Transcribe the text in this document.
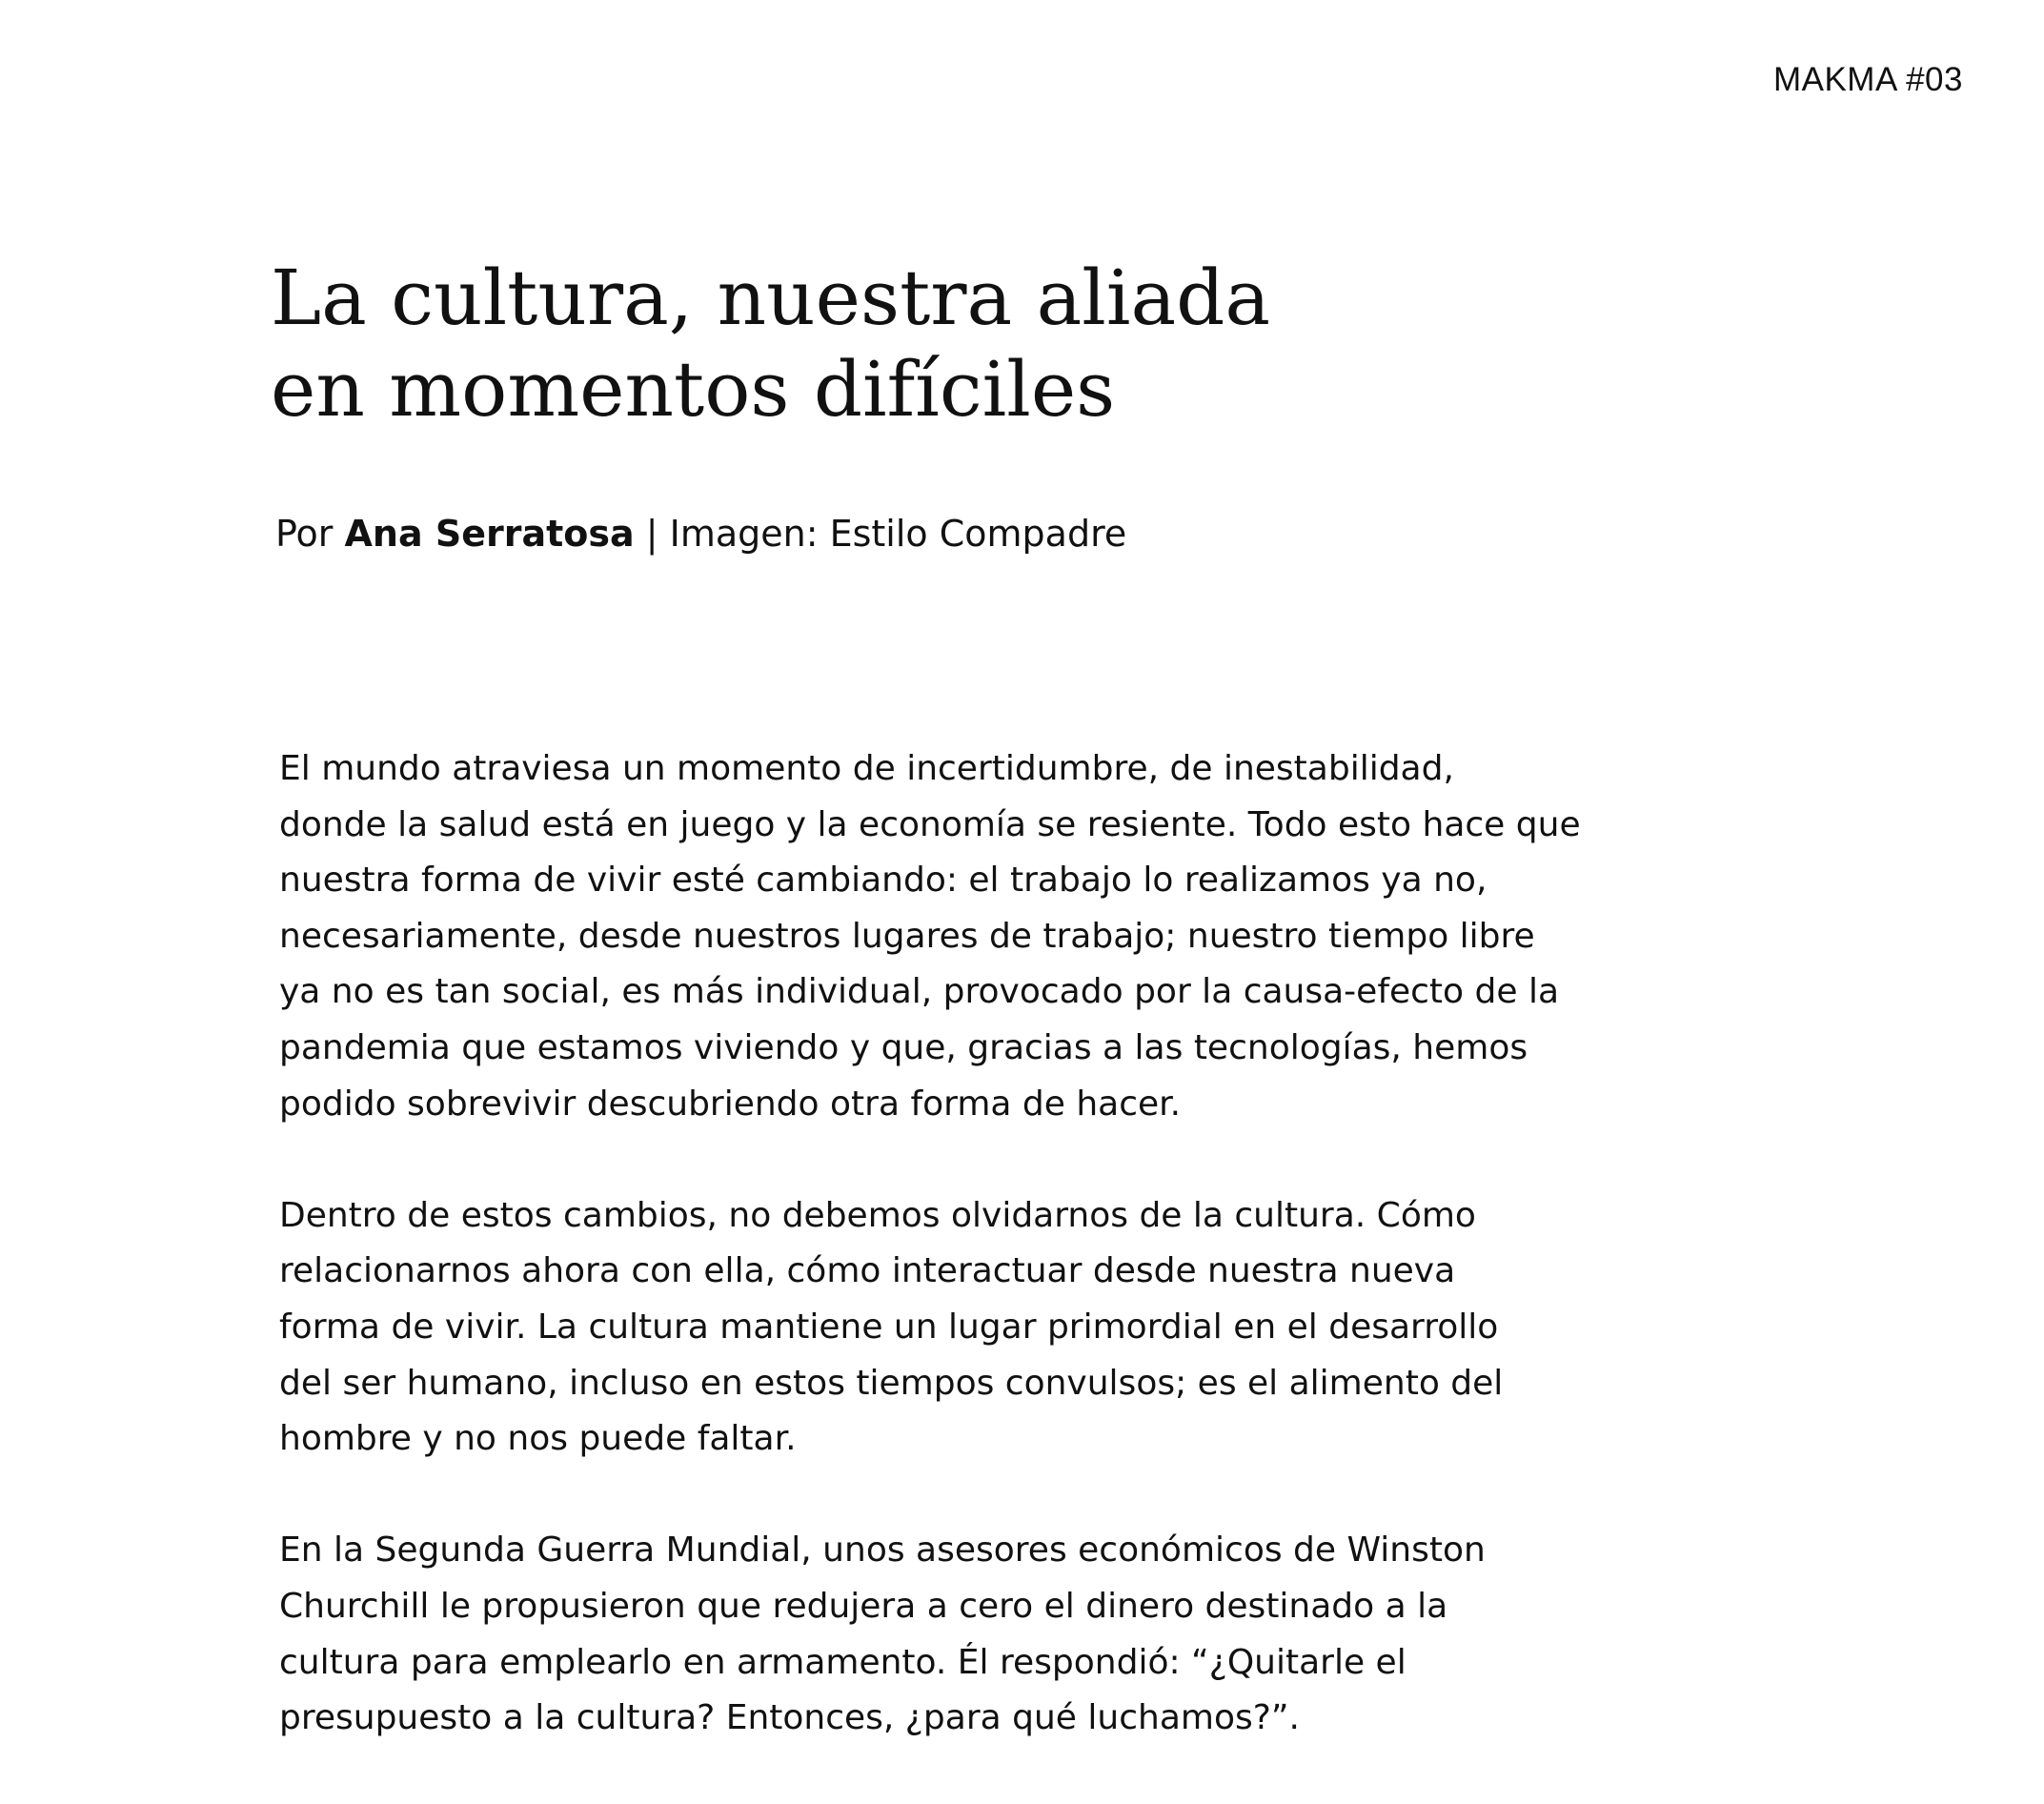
MAKMA #03
La cultura, nuestra aliada
en momentos difíciles

Por Ana Serratosa | Imagen: Estilo Compadre

El mundo atraviesa un momento de incertidumbre, de inestabilidad,
donde la salud está en juego y la economía se resiente. Todo esto hace que
nuestra forma de vivir esté cambiando: el trabajo lo realizamos ya no,
necesariamente, desde nuestros lugares de trabajo; nuestro tiempo libre
ya no es tan social, es más individual, provocado por la causa-efecto de la
pandemia que estamos viviendo y que, gracias a las tecnologías, hemos
podido sobrevivir descubriendo otra forma de hacer.

Dentro de estos cambios, no debemos olvidarnos de la cultura. Cómo
relacionarnos ahora con ella, cómo interactuar desde nuestra nueva
forma de vivir. La cultura mantiene un lugar primordial en el desarrollo
del ser humano, incluso en estos tiempos convulsos; es el alimento del
hombre y no nos puede faltar.

En la Segunda Guerra Mundial, unos asesores económicos de Winston
Churchill le propusieron que redujera a cero el dinero destinado a la
cultura para emplearlo en armamento. Él respondió: “¿Quitarle el
presupuesto a la cultura? Entonces, ¿para qué luchamos?”.
